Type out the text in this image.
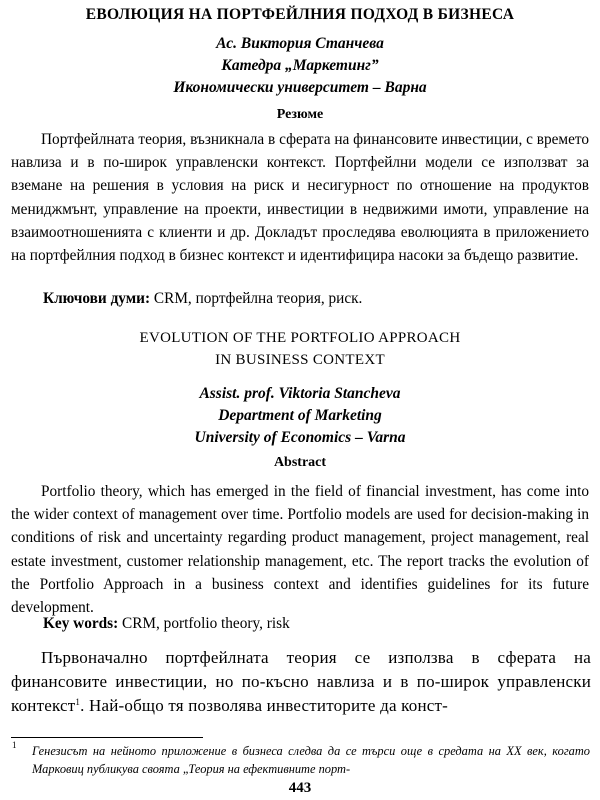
ЕВОЛЮЦИЯ НА ПОРТФЕЙЛНИЯ ПОДХОД В БИЗНЕСА
Ас. Виктория Станчева
Катедра „Маркетинг”
Икономически университет – Варна
Резюме
Портфейлната теория, възникнала в сферата на финансовите инвестиции, с времето навлиза и в по-широк управленски контекст. Портфейлни модели се използват за вземане на решения в условия на риск и несигурност по отношение на продуктов мениджмънт, управление на проекти, инвестиции в недвижими имоти, управление на взаимоотношенията с клиенти и др. Докладът проследява еволюцията в приложението на портфейлния подход в бизнес контекст и идентифицира насоки за бъдещо развитие.
Ключови думи: CRM, портфейлна теория, риск.
EVOLUTION OF THE PORTFOLIO APPROACH
IN BUSINESS CONTEXT
Assist. prof. Viktoria Stancheva
Department of Marketing
University of Economics – Varna
Abstract
Portfolio theory, which has emerged in the field of financial investment, has come into the wider context of management over time. Portfolio models are used for decision-making in conditions of risk and uncertainty regarding product management, project management, real estate investment, customer relationship management, etc. The report tracks the evolution of the Portfolio Approach in a business context and identifies guidelines for its future development.
Key words: CRM, portfolio theory, risk
Първоначално портфейлната теория се използва в сферата на финансовите инвестиции, но по-късно навлиза и в по-широк управленски контекст$^1$. Най-общо тя позволява инвеститорите да конст-
1 Генезисът на нейното приложение в бизнеса следва да се търси още в средата на ХХ век, когато Марковиц публикува своята „Теория на ефективните порт-
443
